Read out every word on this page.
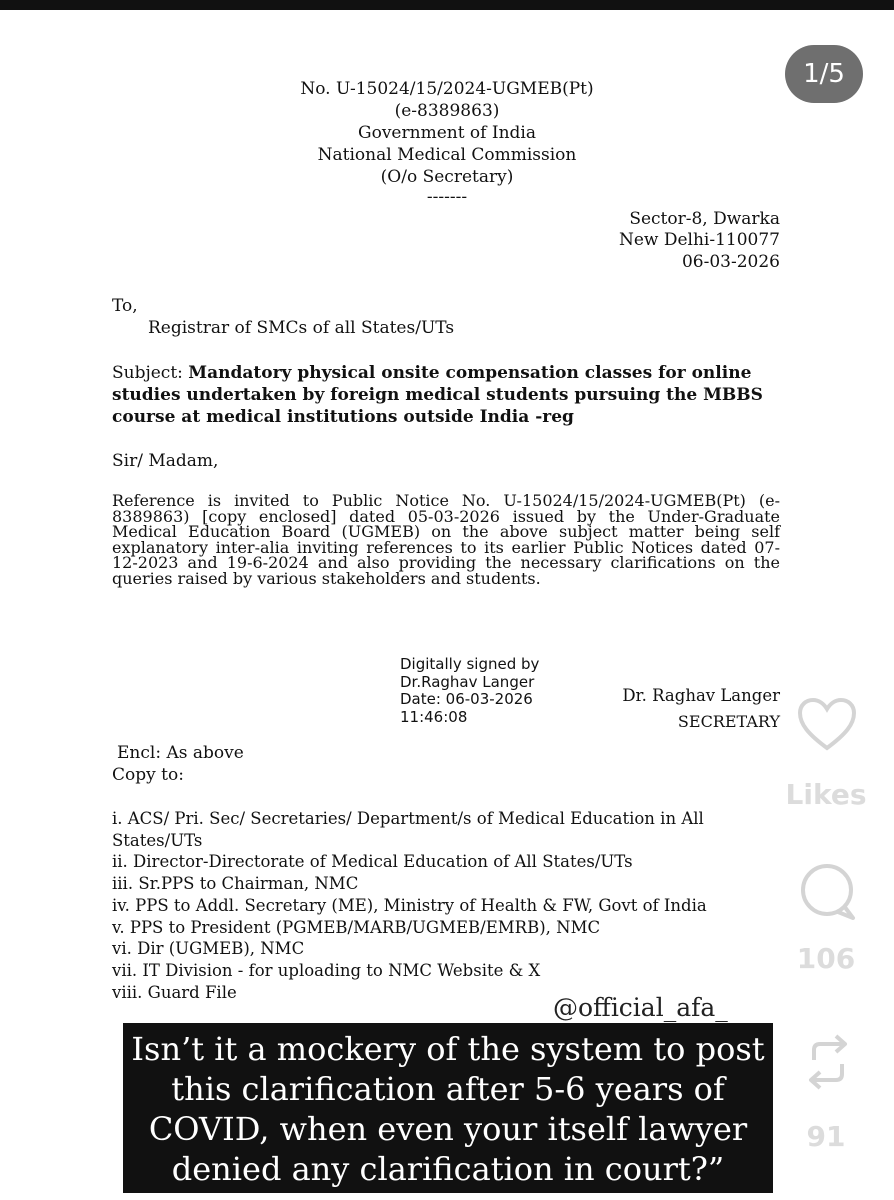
No. U-15024/15/2024-UGMEB(Pt)
(e-8389863)
Government of India
National Medical Commission
(O/o Secretary)
-------
Sector-8, Dwarka
New Delhi-110077
06-03-2026
To,
Registrar of SMCs of all States/UTs
Subject: Mandatory physical onsite compensation classes for online studies undertaken by foreign medical students pursuing the MBBS course at medical institutions outside India -reg
Sir/ Madam,
Reference is invited to Public Notice No. U-15024/15/2024-UGMEB(Pt) (e-8389863) [copy enclosed] dated 05-03-2026 issued by the Under-Graduate Medical Education Board (UGMEB) on the above subject matter being self explanatory inter-alia inviting references to its earlier Public Notices dated 07-12-2023 and 19-6-2024 and also providing the necessary clarifications on the queries raised by various stakeholders and students.
Digitally signed by
Dr.Raghav Langer
Date: 06-03-2026
11:46:08
Dr. Raghav Langer
SECRETARY
Encl: As above
Copy to:
i. ACS/ Pri. Sec/ Secretaries/ Department/s of Medical Education in All
States/UTs
ii. Director-Directorate of Medical Education of All States/UTs
iii. Sr.PPS to Chairman, NMC
iv. PPS to Addl. Secretary (ME), Ministry of Health & FW, Govt of India
v. PPS to President (PGMEB/MARB/UGMEB/EMRB), NMC
vi. Dir (UGMEB), NMC
vii. IT Division - for uploading to NMC Website & X
viii. Guard File
1/5
Likes
106
91
@official_afa_
Isn’t it a mockery of the system to post
this clarification after 5-6 years of
COVID, when even your itself lawyer
denied any clarification in court?”
